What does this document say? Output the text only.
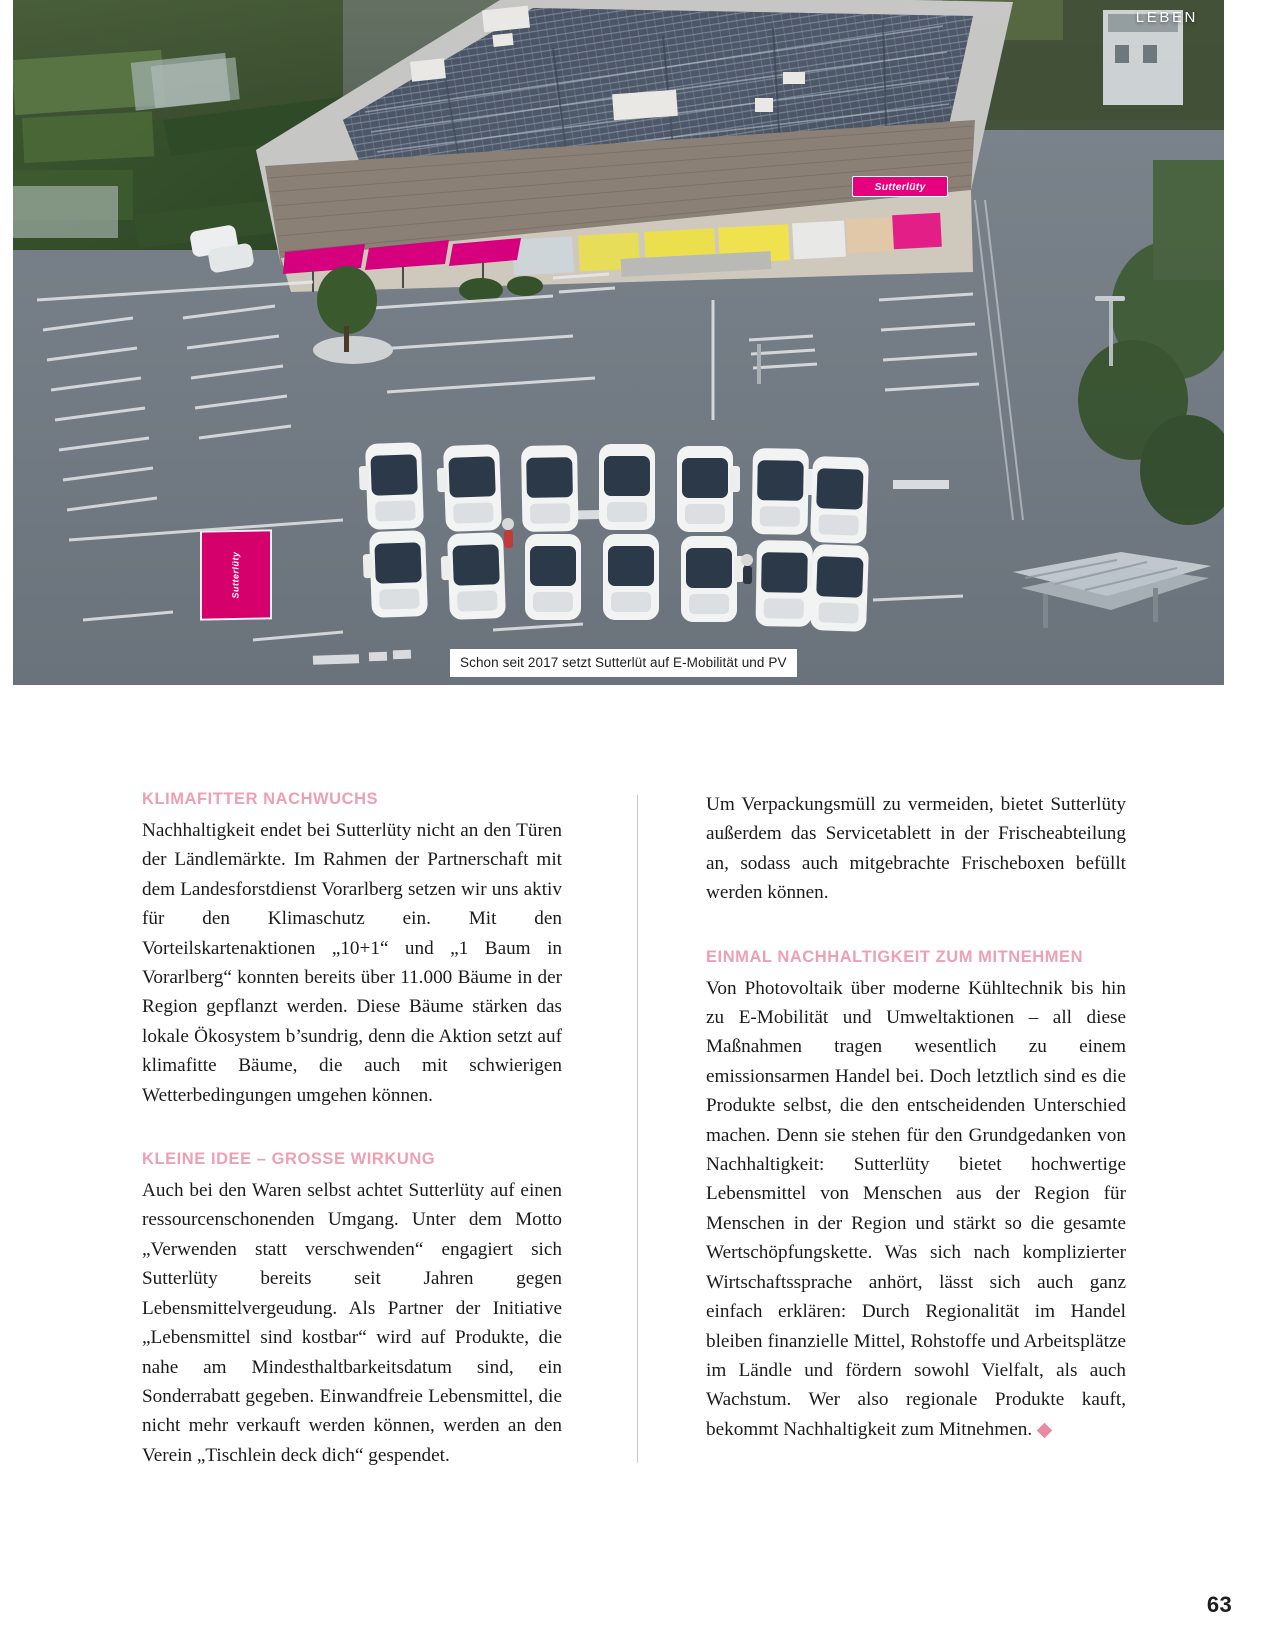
Sutterlüty
Sutterlüty
LEBEN
Schon seit 2017 setzt Sutterlüt auf E-Mobilität und PV
KLIMAFITTER NACHWUCHS

Nachhaltigkeit endet bei Sutterlüty nicht an den Türen der Ländlemärkte. Im Rahmen der Partnerschaft mit dem Landesforstdienst Vorarlberg setzen wir uns aktiv für den Klimaschutz ein. Mit den Vorteilskartenaktionen „10+1“ und „1 Baum in Vorarlberg“ konnten bereits über 11.000 Bäume in der Region gepflanzt werden. Diese Bäume stärken das lokale Ökosystem b’sundrig, denn die Aktion setzt auf klimafitte Bäume, die auch mit schwierigen Wetterbedingungen umgehen können.

KLEINE IDEE – GROSSE WIRKUNG

Auch bei den Waren selbst achtet Sutterlüty auf einen ressourcenschonenden Umgang. Unter dem Motto „Verwenden statt verschwenden“ engagiert sich Sutterlüty bereits seit Jahren gegen Lebensmittelvergeudung. Als Partner der Initiative „Lebensmittel sind kostbar“ wird auf Produkte, die nahe am Mindesthaltbarkeitsdatum sind, ein Sonderrabatt gegeben. Einwandfreie Lebensmittel, die nicht mehr verkauft werden können, werden an den Verein „Tischlein deck dich“ gespendet.

Um Verpackungsmüll zu vermeiden, bietet Sutterlüty außerdem das Servicetablett in der Frischeabteilung an, sodass auch mitgebrachte Frischeboxen befüllt werden können.

EINMAL NACHHALTIGKEIT ZUM MITNEHMEN

Von Photovoltaik über moderne Kühltechnik bis hin zu E-Mobilität und Umweltaktionen – all diese Maßnahmen tragen wesentlich zu einem emissionsarmen Handel bei. Doch letztlich sind es die Produkte selbst, die den entscheidenden Unterschied machen. Denn sie stehen für den Grundgedanken von Nachhaltigkeit: Sutterlüty bietet hochwertige Lebensmittel von Menschen aus der Region für Menschen in der Region und stärkt so die gesamte Wertschöpfungskette. Was sich nach komplizierter Wirtschaftssprache anhört, lässt sich auch ganz einfach erklären: Durch Regionalität im Handel bleiben finanzielle Mittel, Rohstoffe und Arbeitsplätze im Ländle und fördern sowohl Vielfalt, als auch Wachstum. Wer also regionale Produkte kauft, bekommt Nachhaltigkeit zum Mitnehmen.

63
